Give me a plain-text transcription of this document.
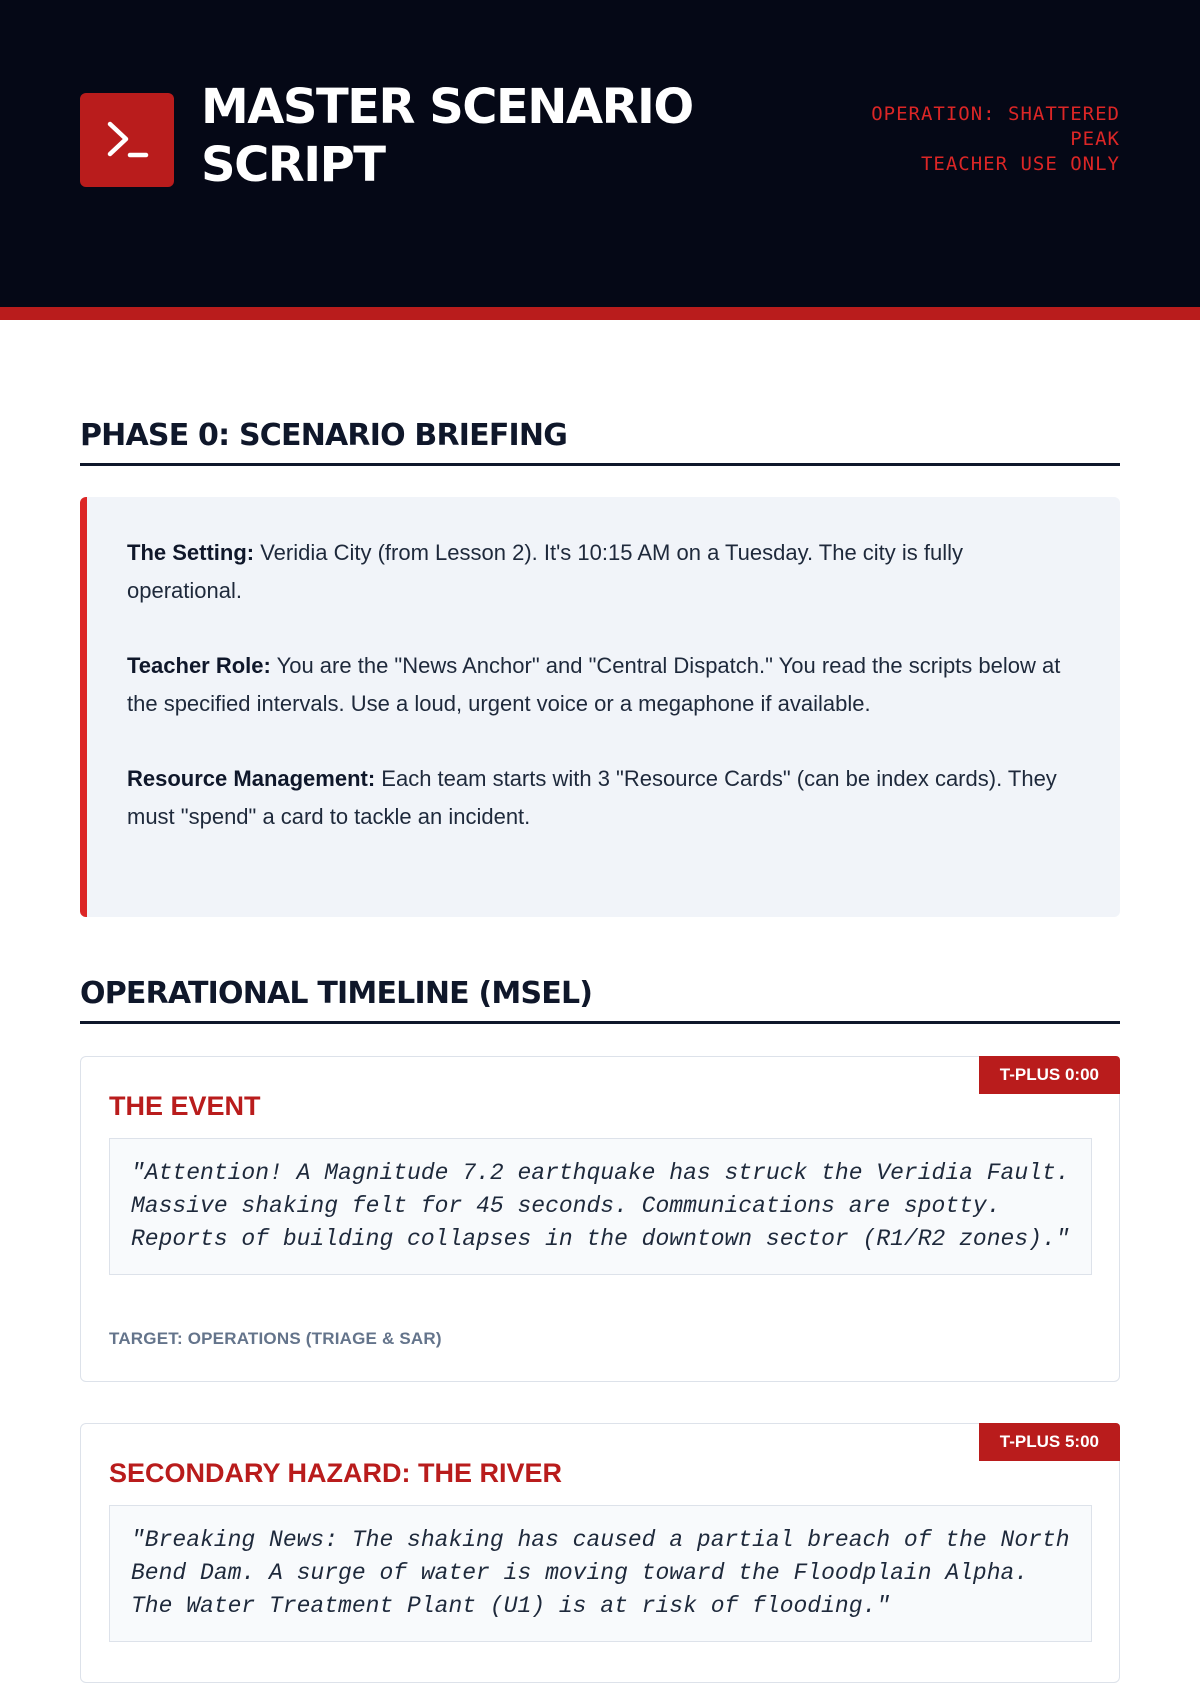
MASTER SCENARIO SCRIPT
OPERATION: SHATTERED PEAK
TEACHER USE ONLY
PHASE 0: SCENARIO BRIEFING

The Setting: Veridia City (from Lesson 2). It's 10:15 AM on a Tuesday. The city is fully operational.

Teacher Role: You are the "News Anchor" and "Central Dispatch." You read the scripts below at the specified intervals. Use a loud, urgent voice or a megaphone if available.

Resource Management: Each team starts with 3 "Resource Cards" (can be index cards). They must "spend" a card to tackle an incident.

OPERATIONAL TIMELINE (MSEL)
T-PLUS 0:00
THE EVENT
"Attention! A Magnitude 7.2 earthquake has struck the Veridia Fault. Massive shaking felt for 45 seconds. Communications are spotty. Reports of building collapses in the downtown sector (R1/R2 zones)."
TARGET: OPERATIONS (TRIAGE & SAR)
T-PLUS 5:00
SECONDARY HAZARD: THE RIVER
"Breaking News: The shaking has caused a partial breach of the North Bend Dam. A surge of water is moving toward the Floodplain Alpha. The Water Treatment Plant (U1) is at risk of flooding."
